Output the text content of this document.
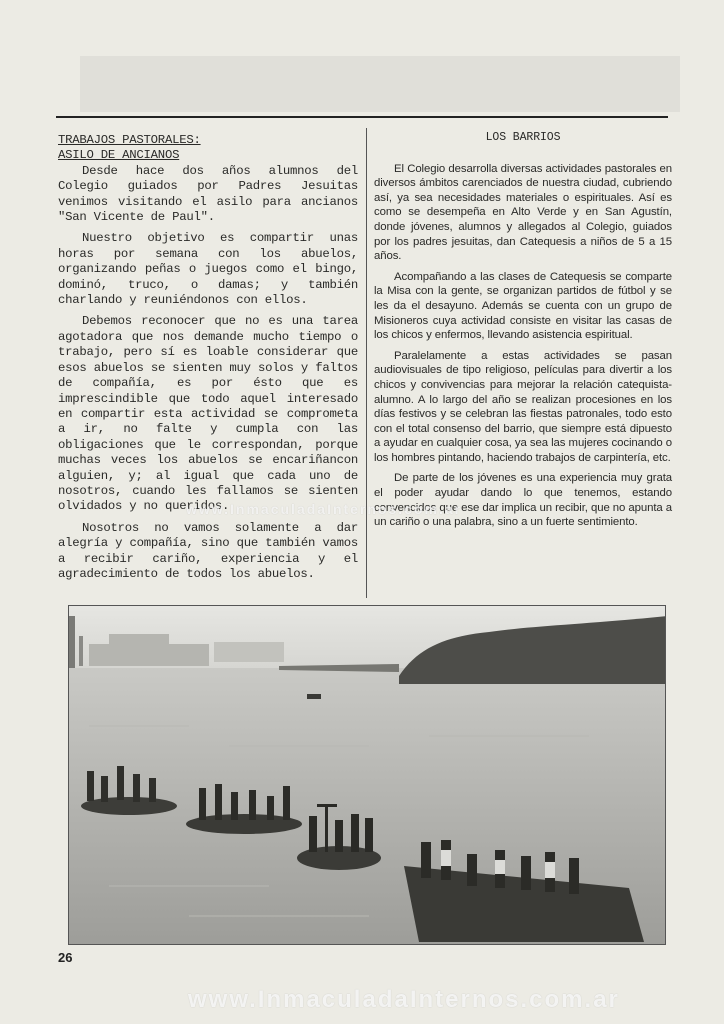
TRABAJOS PASTORALES:
ASILO DE ANCIANOS

Desde hace dos años alumnos del Colegio guiados por Padres Jesuitas venimos visitando el asilo para ancianos "San Vicente de Paul".

Nuestro objetivo es compartir unas horas por semana con los abuelos, organizando peñas o juegos como el bingo, dominó, truco, o damas; y también charlando y reuniéndonos con ellos.

Debemos reconocer que no es una tarea agotadora que nos demande mucho tiempo o trabajo, pero sí es loable considerar que esos abuelos se sienten muy solos y faltos de compañía, es por ésto que es imprescindible que todo aquel interesado en compartir esta actividad se comprometa a ir, no falte y cumpla con las obligaciones que le correspondan, porque muchas veces los abuelos se encariñancon alguien, y; al igual que cada uno de nosotros, cuando les fallamos se sienten olvidados y no queridos.

Nosotros no vamos solamente a dar alegría y compañía, sino que también vamos a recibir cariño, experiencia y el agradecimiento de todos los abuelos.

LOS BARRIOS

El Colegio desarrolla diversas actividades pastorales en diversos ámbitos carenciados de nuestra ciudad, cubriendo así, ya sea necesidades materiales o espirituales. Así es como se desempeña en Alto Verde y en San Agustín, donde jóvenes, alumnos y allegados al Colegio, guiados por los padres jesuitas, dan Catequesis a niños de 5 a 15 años.

Acompañando a las clases de Catequesis se comparte la Misa con la gente, se organizan partidos de fútbol y se les da el desayuno. Además se cuenta con un grupo de Misioneros cuya actividad consiste en visitar las casas de los chicos y enfermos, llevando asistencia espiritual.

Paralelamente a estas actividades se pasan audiovisuales de tipo religioso, películas para divertir a los chicos y convivencias para mejorar la relación catequista-alumno. A lo largo del año se realizan procesiones en los días festivos y se celebran las fiestas patronales, todo esto con el total consenso del barrio, que siempre está dipuesto a ayudar en cualquier cosa, ya sea las mujeres cocinando o los hombres pintando, haciendo trabajos de carpintería, etc.

De parte de los jóvenes es una experiencia muy grata el poder ayudar dando lo que tenemos, estando convencidos que ese dar implica un recibir, que no apunta a un cariño o una palabra, sino a un fuerte sentimiento.

26
www.InmaculadaInternos.com.ar
www.InmaculadaInternos.com.ar
